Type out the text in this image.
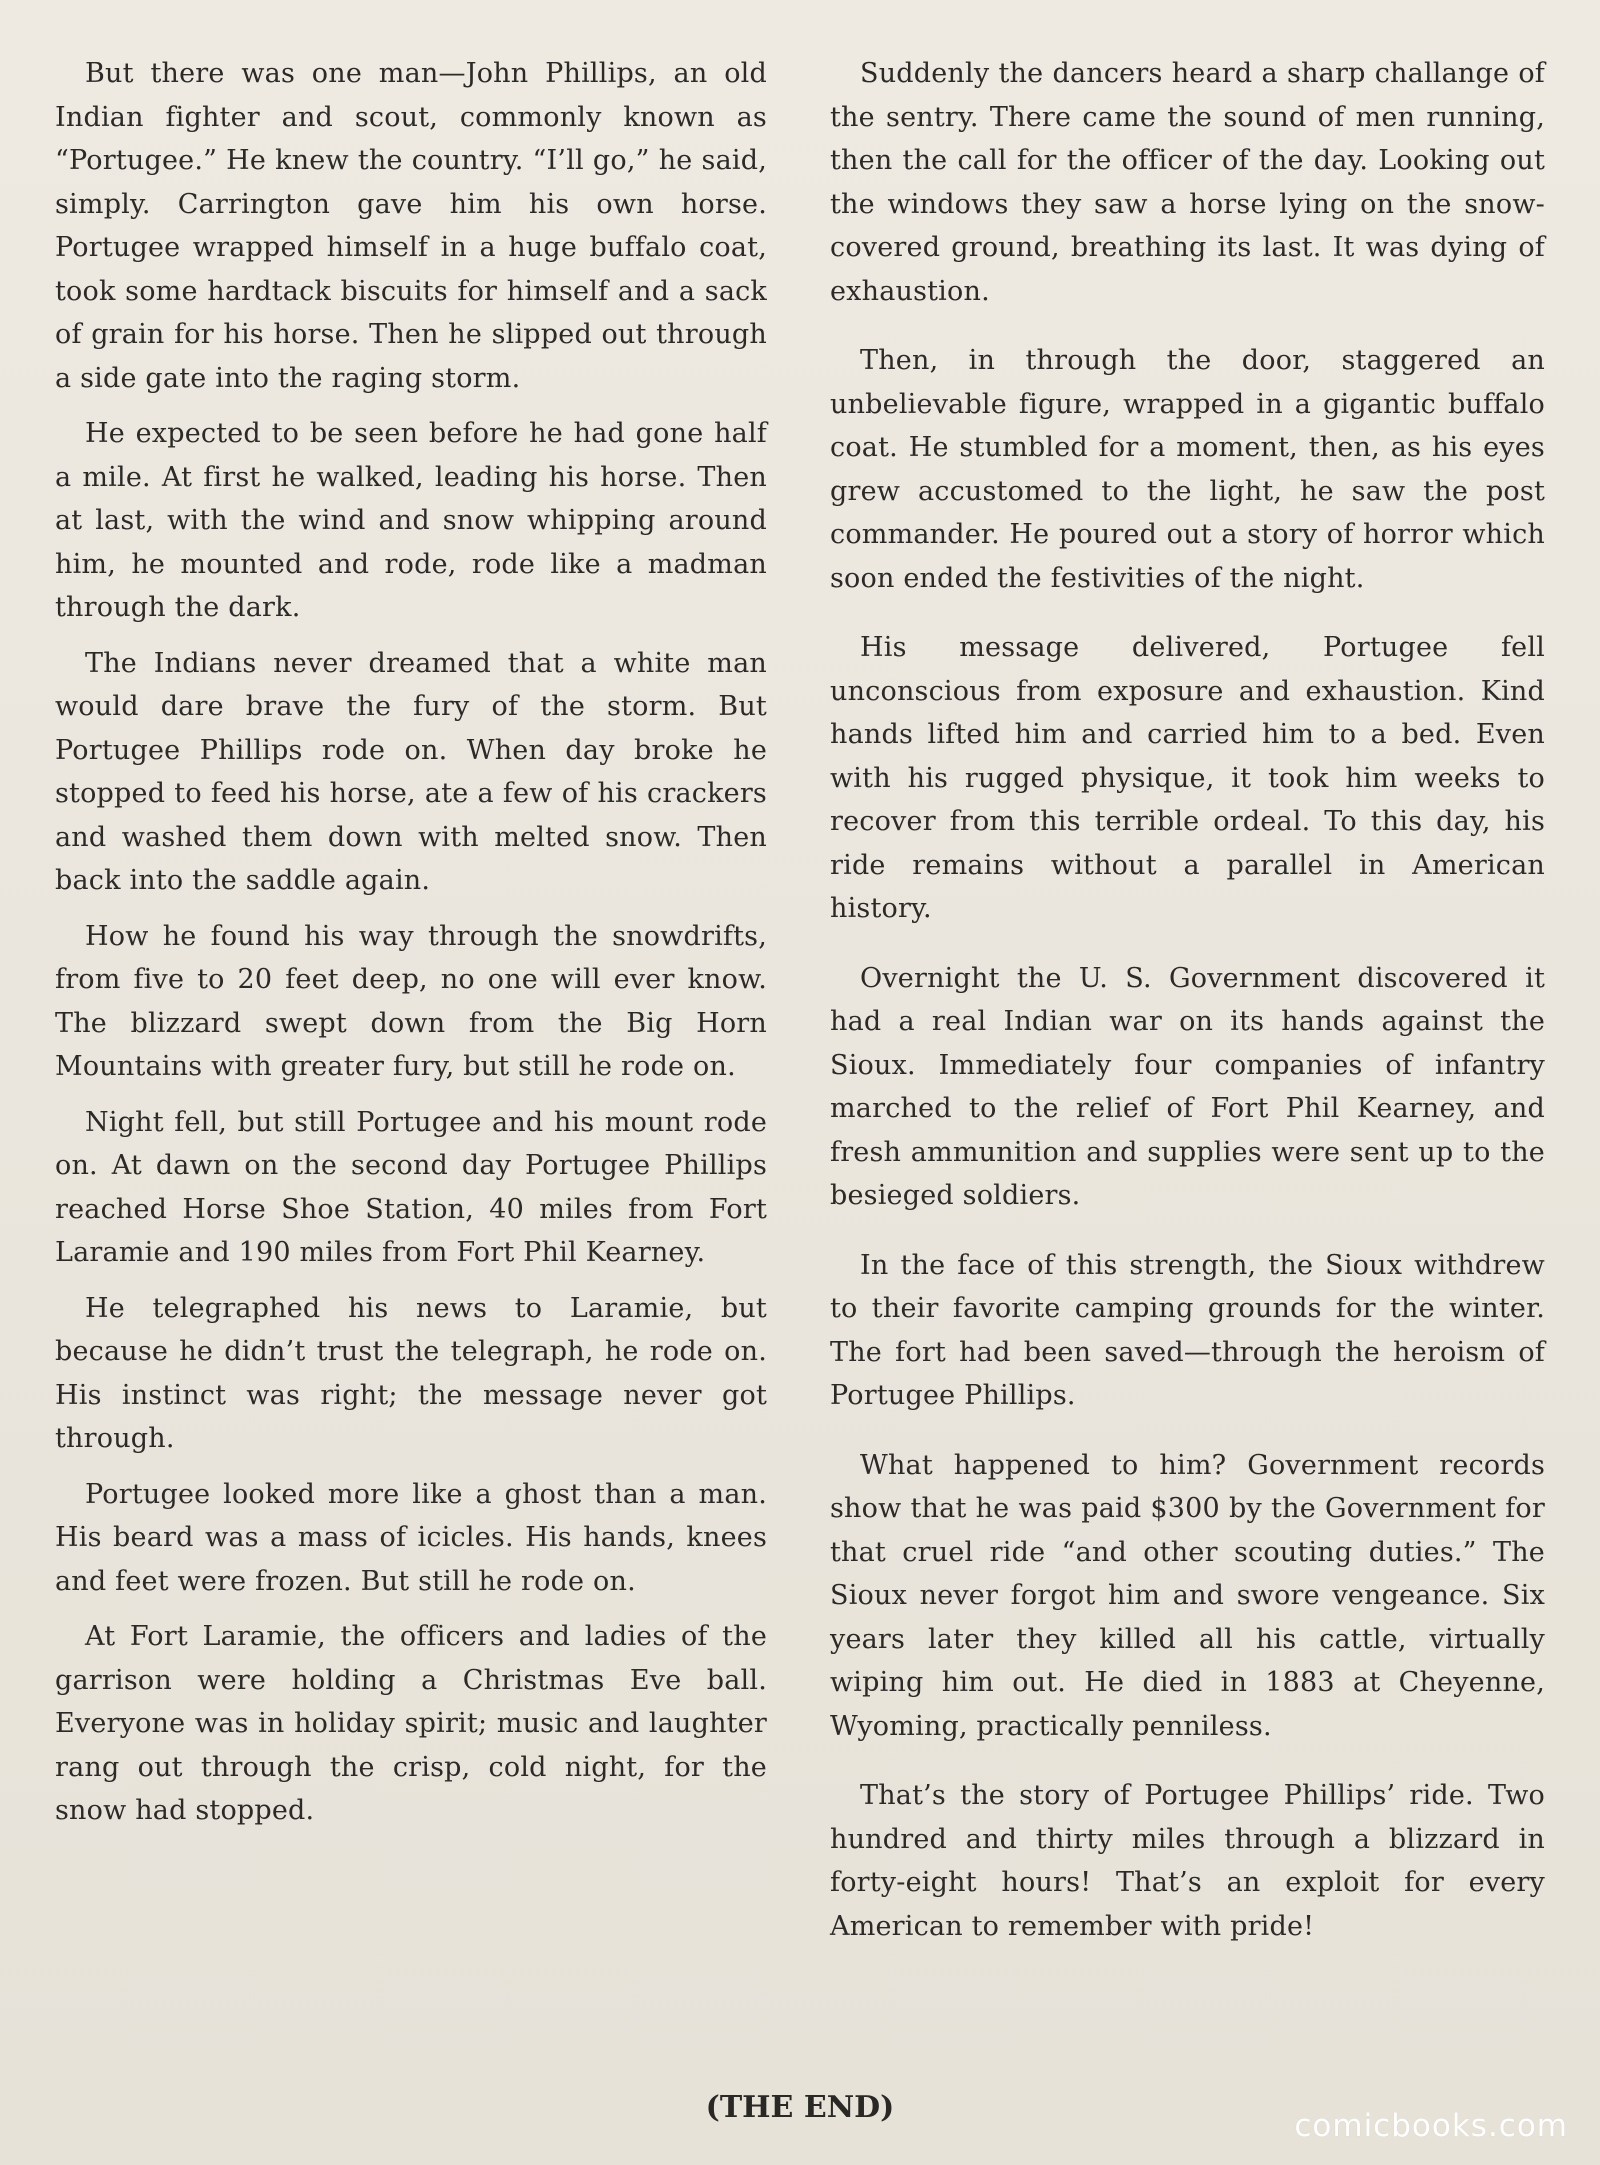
But there was one man—John Phillips, an old Indian fighter and scout, commonly known as “Portugee.” He knew the country. “I’ll go,” he said, simply. Carrington gave him his own horse. Portugee wrapped himself in a huge buffalo coat, took some hardtack biscuits for himself and a sack of grain for his horse. Then he slipped out through a side gate into the raging storm.

He expected to be seen before he had gone half a mile. At first he walked, leading his horse. Then at last, with the wind and snow whipping around him, he mounted and rode, rode like a madman through the dark.

The Indians never dreamed that a white man would dare brave the fury of the storm. But Portugee Phillips rode on. When day broke he stopped to feed his horse, ate a few of his crackers and washed them down with melted snow. Then back into the saddle again.

How he found his way through the snowdrifts, from five to 20 feet deep, no one will ever know. The blizzard swept down from the Big Horn Mountains with greater fury, but still he rode on.

Night fell, but still Portugee and his mount rode on. At dawn on the second day Portugee Phillips reached Horse Shoe Station, 40 miles from Fort Laramie and 190 miles from Fort Phil Kearney.

He telegraphed his news to Laramie, but because he didn’t trust the telegraph, he rode on. His instinct was right; the message never got through.

Portugee looked more like a ghost than a man. His beard was a mass of icicles. His hands, knees and feet were frozen. But still he rode on.

At Fort Laramie, the officers and ladies of the garrison were holding a Christmas Eve ball. Everyone was in holiday spirit; music and laughter rang out through the crisp, cold night, for the snow had stopped.

Suddenly the dancers heard a sharp challange of the sentry. There came the sound of men running, then the call for the officer of the day. Looking out the windows they saw a horse lying on the snow-covered ground, breathing its last. It was dying of exhaustion.

Then, in through the door, staggered an unbelievable figure, wrapped in a gigantic buffalo coat. He stumbled for a moment, then, as his eyes grew accustomed to the light, he saw the post commander. He poured out a story of horror which soon ended the festivities of the night.

His message delivered, Portugee fell unconscious from exposure and exhaustion. Kind hands lifted him and carried him to a bed. Even with his rugged physique, it took him weeks to recover from this terrible ordeal. To this day, his ride remains without a parallel in American history.

Overnight the U. S. Government discovered it had a real Indian war on its hands against the Sioux. Immediately four companies of infantry marched to the relief of Fort Phil Kearney, and fresh ammunition and supplies were sent up to the besieged soldiers.

In the face of this strength, the Sioux withdrew to their favorite camping grounds for the winter. The fort had been saved—through the heroism of Portugee Phillips.

What happened to him? Government records show that he was paid $300 by the Government for that cruel ride “and other scouting duties.” The Sioux never forgot him and swore vengeance. Six years later they killed all his cattle, virtually wiping him out. He died in 1883 at Cheyenne, Wyoming, practically penniless.

That’s the story of Portugee Phillips’ ride. Two hundred and thirty miles through a blizzard in forty-eight hours! That’s an exploit for every American to remember with pride!

(THE END)
comicbooks.com
